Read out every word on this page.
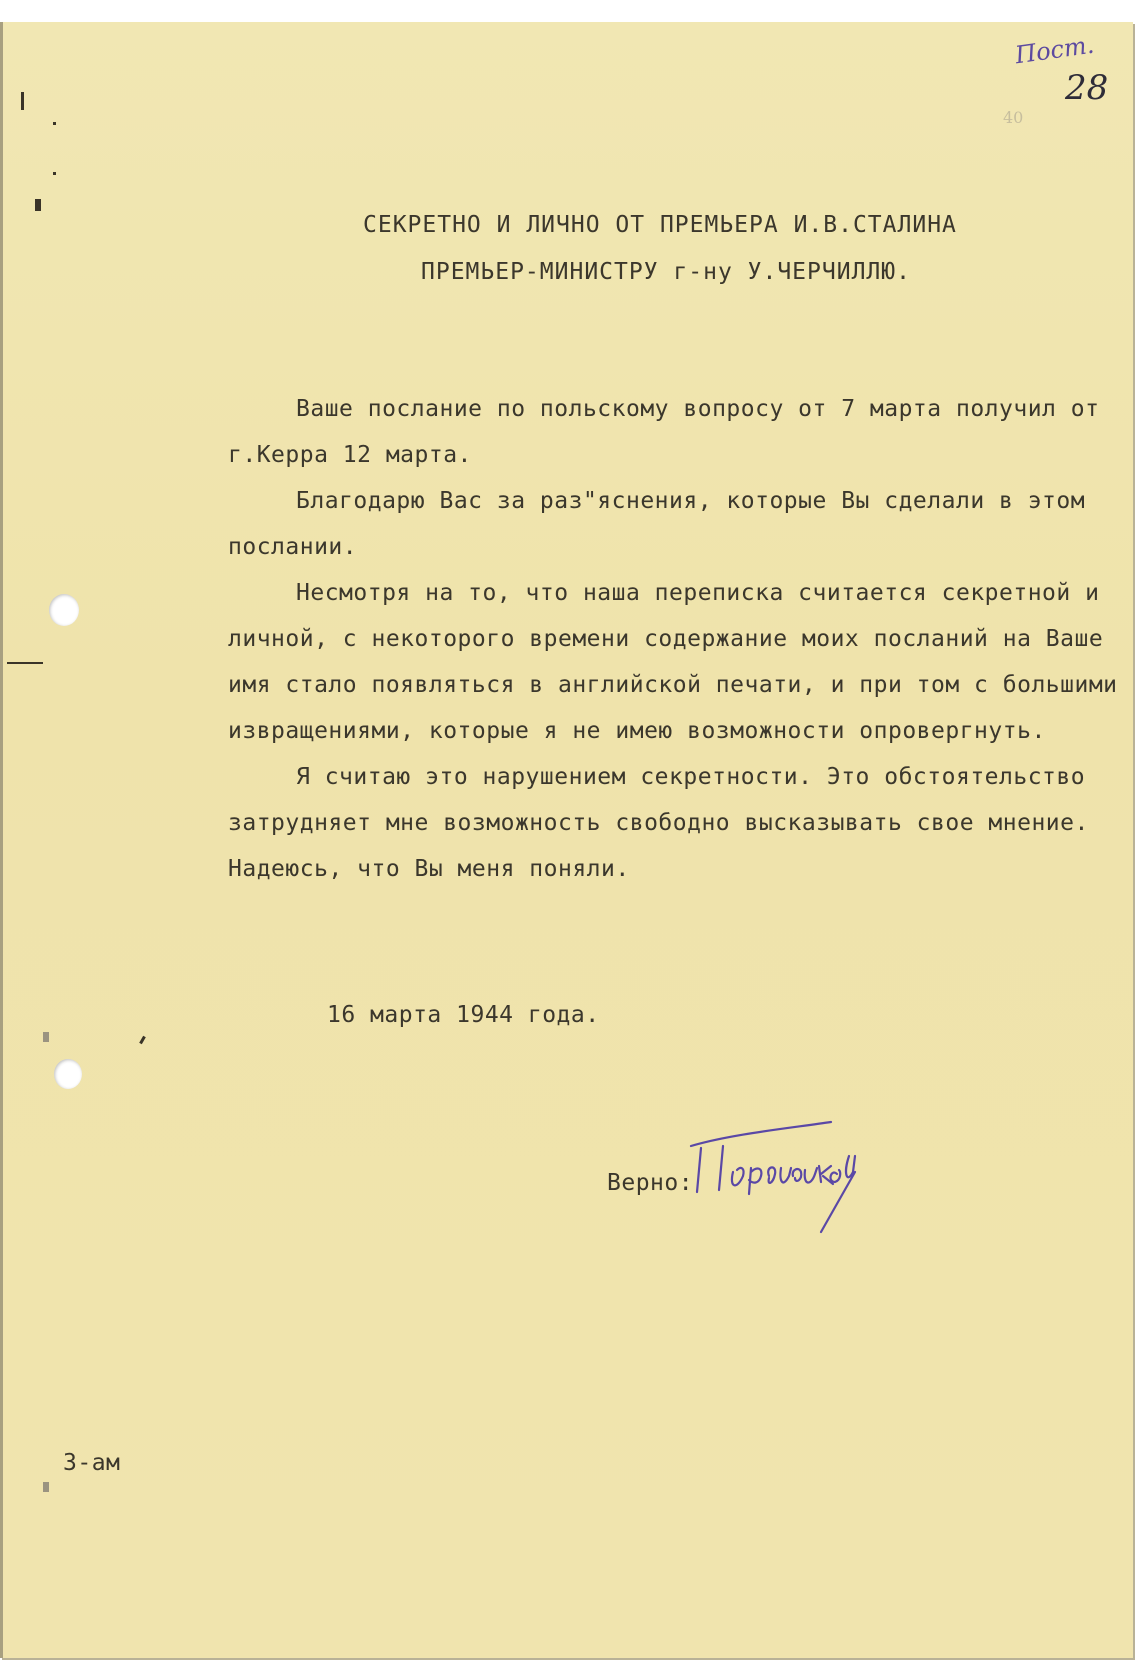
Пост.
28
40
СЕКРЕТНО И ЛИЧНО ОТ ПРЕМЬЕРА И.В.СТАЛИНА
ПРЕМЬЕР-МИНИСТРУ г-ну У.ЧЕРЧИЛЛЮ.
Ваше послание по польскому вопросу от 7 марта получил от
г.Керра 12 марта.
Благодарю Вас за раз"яснения, которые Вы сделали в этом
послании.
Несмотря на то, что наша переписка считается секретной и
личной, с некоторого времени содержание моих посланий на Ваше
имя стало появляться в английской печати, и при том с большими
извращениями, которые я не имею возможности опровергнуть.
Я считаю это нарушением секретности. Это обстоятельство
затрудняет мне возможность свободно высказывать свое мнение.
Надеюсь, что Вы меня поняли.
16 марта 1944 года.
Верно:
3-ам
